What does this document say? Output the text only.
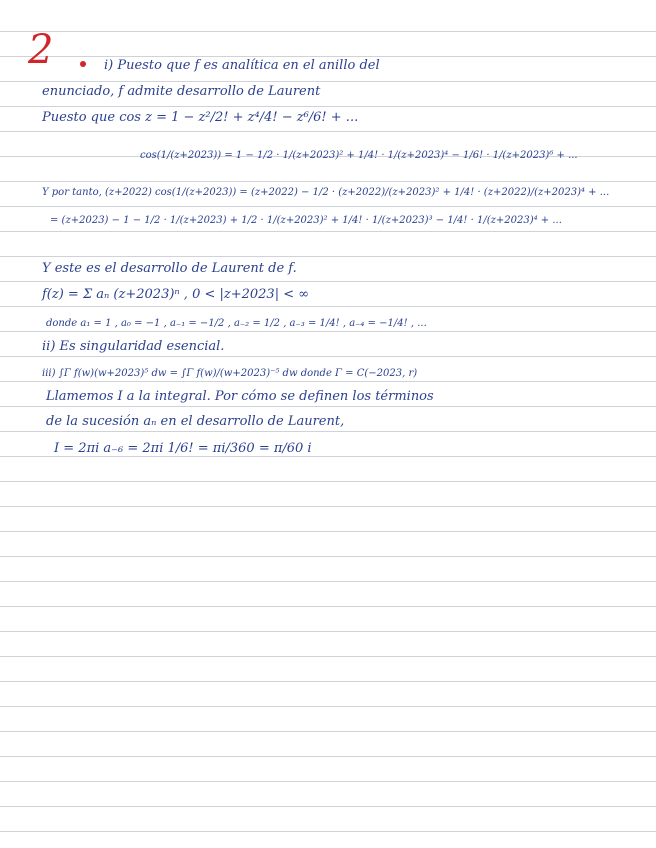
2	i) Puesto que f es analítica en el anillo del
enunciado, f admite desarrollo de Laurent
Puesto que cos z = 1 − z²/2! + z⁴/4! − z⁶/6! + ...
cos(1/(z+2023)) = 1 − 1/2 · 1/(z+2023)² + 1/4! · 1/(z+2023)⁴ − 1/6! · 1/(z+2023)⁶ + ...
Y por tanto, (z+2022) cos(1/(z+2023)) = (z+2022) − 1/2 · (z+2022)/(z+2023)² + 1/4! · (z+2022)/(z+2023)⁴ + ...
= (z+2023) − 1 − 1/2 · 1/(z+2023) + 1/2 · 1/(z+2023)² + 1/4! · 1/(z+2023)³ − 1/4! · 1/(z+2023)⁴ + ...
Y este es el desarrollo de Laurent de f.
f(z) = Σ aₙ (z+2023)ⁿ , 0 < |z+2023| < ∞
donde a₁ = 1 , a₀ = −1 , a₋₁ = −1/2 , a₋₂ = 1/2 , a₋₃ = 1/4! , a₋₄ = −1/4! , ...
ii) Es singularidad esencial.
iii) ∫Γ f(w)(w+2023)⁵ dw = ∫Γ f(w)/(w+2023)⁻⁵ dw donde Γ = C(−2023, r)
Llamemos I a la integral. Por cómo se definen los términos
de la sucesión aₙ en el desarrollo de Laurent,
I = 2πi a₋₆ = 2πi 1/6! = πi/360 = π/60 i
